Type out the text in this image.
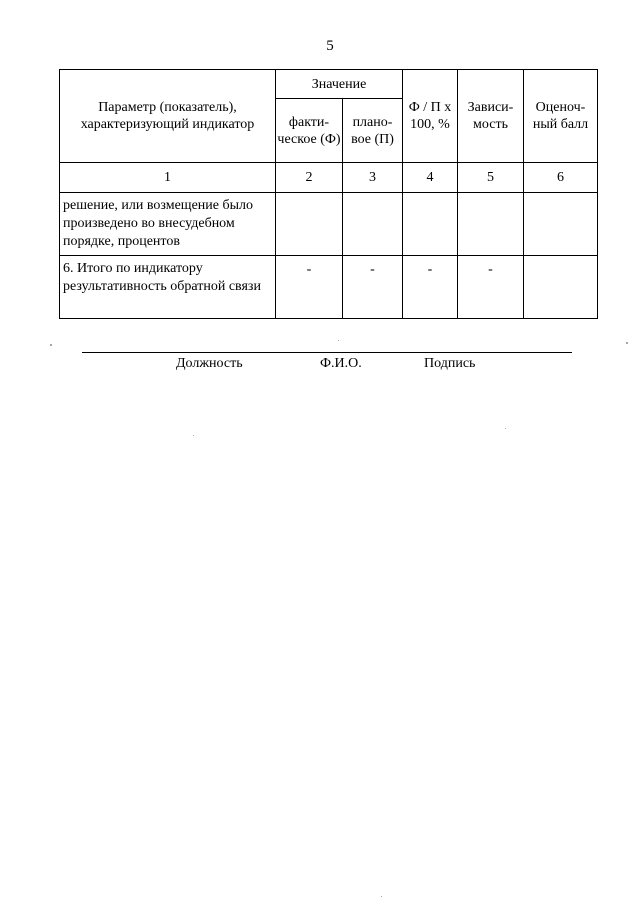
5
Параметр (показатель), характеризующий индикатор	Значение		Ф / П х 100, %	Зависи-мость	Оценоч-ный балл
	факти-ческое (Ф)	плано-вое (П)			
1	2	3	4	5	6
решение, или возмещение было произведено во внесудебном порядке, процентов					
6. Итого по индикатору результативность обратной связи	-	-	-	-	
Должность	Ф.И.О.	Подпись
